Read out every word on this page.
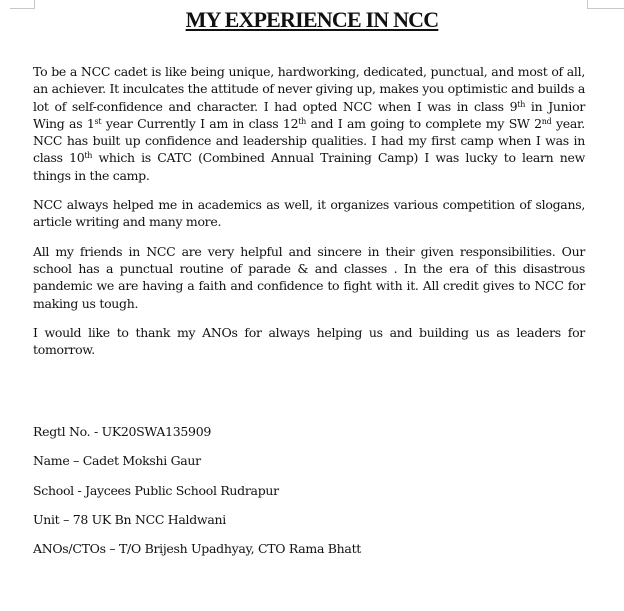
MY EXPERIENCE IN NCC

To be a NCC cadet is like being unique, hardworking, dedicated, punctual, and most of all, an achiever. It inculcates the attitude of never giving up, makes you optimistic and builds a lot of self-confidence and character. I had opted NCC when I was in class 9th in Junior Wing as 1st year Currently I am in class 12th and I am going to complete my SW 2nd year. NCC has built up confidence and leadership qualities. I had my first camp when I was in class 10th which is CATC (Combined Annual Training Camp) I was lucky to learn new things in the camp.

NCC always helped me in academics as well, it organizes various competition of slogans, article writing and many more.

All my friends in NCC are very helpful and sincere in their given responsibilities. Our school has a punctual routine of parade & and classes . In the era of this disastrous pandemic we are having a faith and confidence to fight with it. All credit gives to NCC for making us tough.

I would like to thank my ANOs for always helping us and building us as leaders for tomorrow.

Regtl No. - UK20SWA135909

Name – Cadet Mokshi Gaur

School - Jaycees Public School Rudrapur

Unit – 78 UK Bn NCC Haldwani

ANOs/CTOs – T/O Brijesh Upadhyay, CTO Rama Bhatt
